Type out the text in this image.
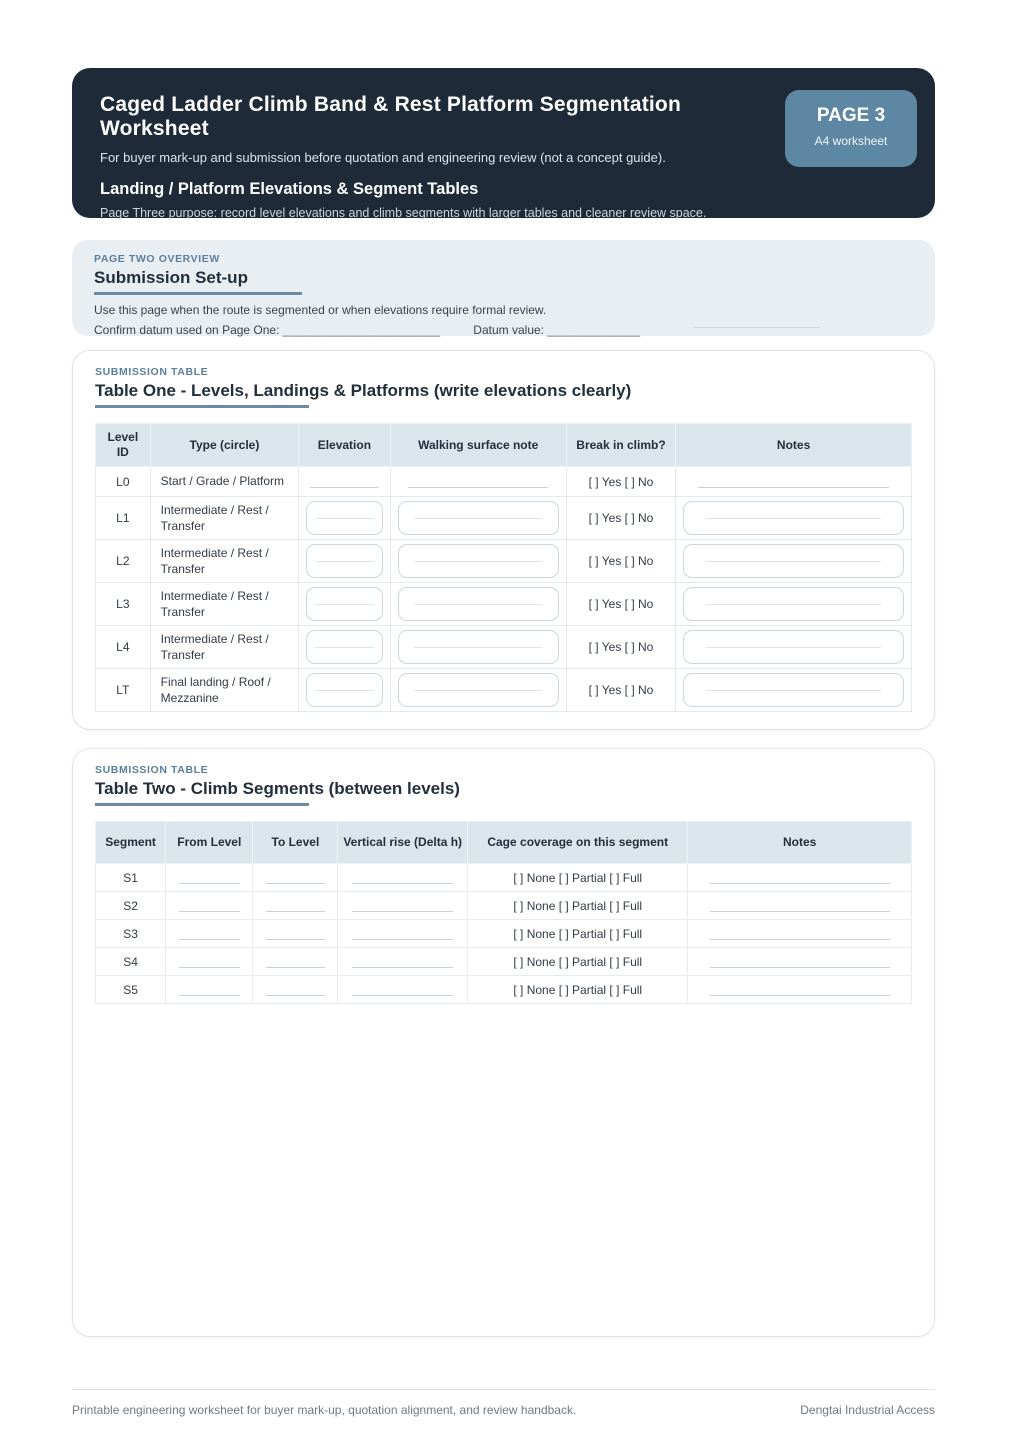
Caged Ladder Climb Band & Rest Platform Segmentation Worksheet
For buyer mark-up and submission before quotation and engineering review (not a concept guide).
Landing / Platform Elevations & Segment Tables
Page Three purpose: record level elevations and climb segments with larger tables and cleaner review space.
PAGE 3
A4 worksheet
PAGE TWO OVERVIEW
Submission Set-up
Use this page when the route is segmented or when elevations require formal review.
Confirm datum used on Page One: ______________________	Datum value: _____________
SUBMISSION TABLE
Table One - Levels, Landings & Platforms (write elevations clearly)
Level ID	Type (circle)	Elevation	Walking surface note	Break in climb?	Notes
L0	Start / Grade / Platform			[ ] Yes [ ] No	

L1	Intermediate / Rest / Transfer			[ ] Yes [ ] No	

L2	Intermediate / Rest / Transfer			[ ] Yes [ ] No	

L3	Intermediate / Rest / Transfer			[ ] Yes [ ] No	

L4	Intermediate / Rest / Transfer			[ ] Yes [ ] No	

LT	Final landing / Roof / Mezzanine			[ ] Yes [ ] No	
SUBMISSION TABLE
Table Two - Climb Segments (between levels)
Segment	From Level	To Level	Vertical rise (Delta h)	Cage coverage on this segment	Notes
S1				[ ] None [ ] Partial [ ] Full	

S2				[ ] None [ ] Partial [ ] Full	

S3				[ ] None [ ] Partial [ ] Full	

S4				[ ] None [ ] Partial [ ] Full	

S5				[ ] None [ ] Partial [ ] Full	
Printable engineering worksheet for buyer mark-up, quotation alignment, and review handback.	Dengtai Industrial Access
